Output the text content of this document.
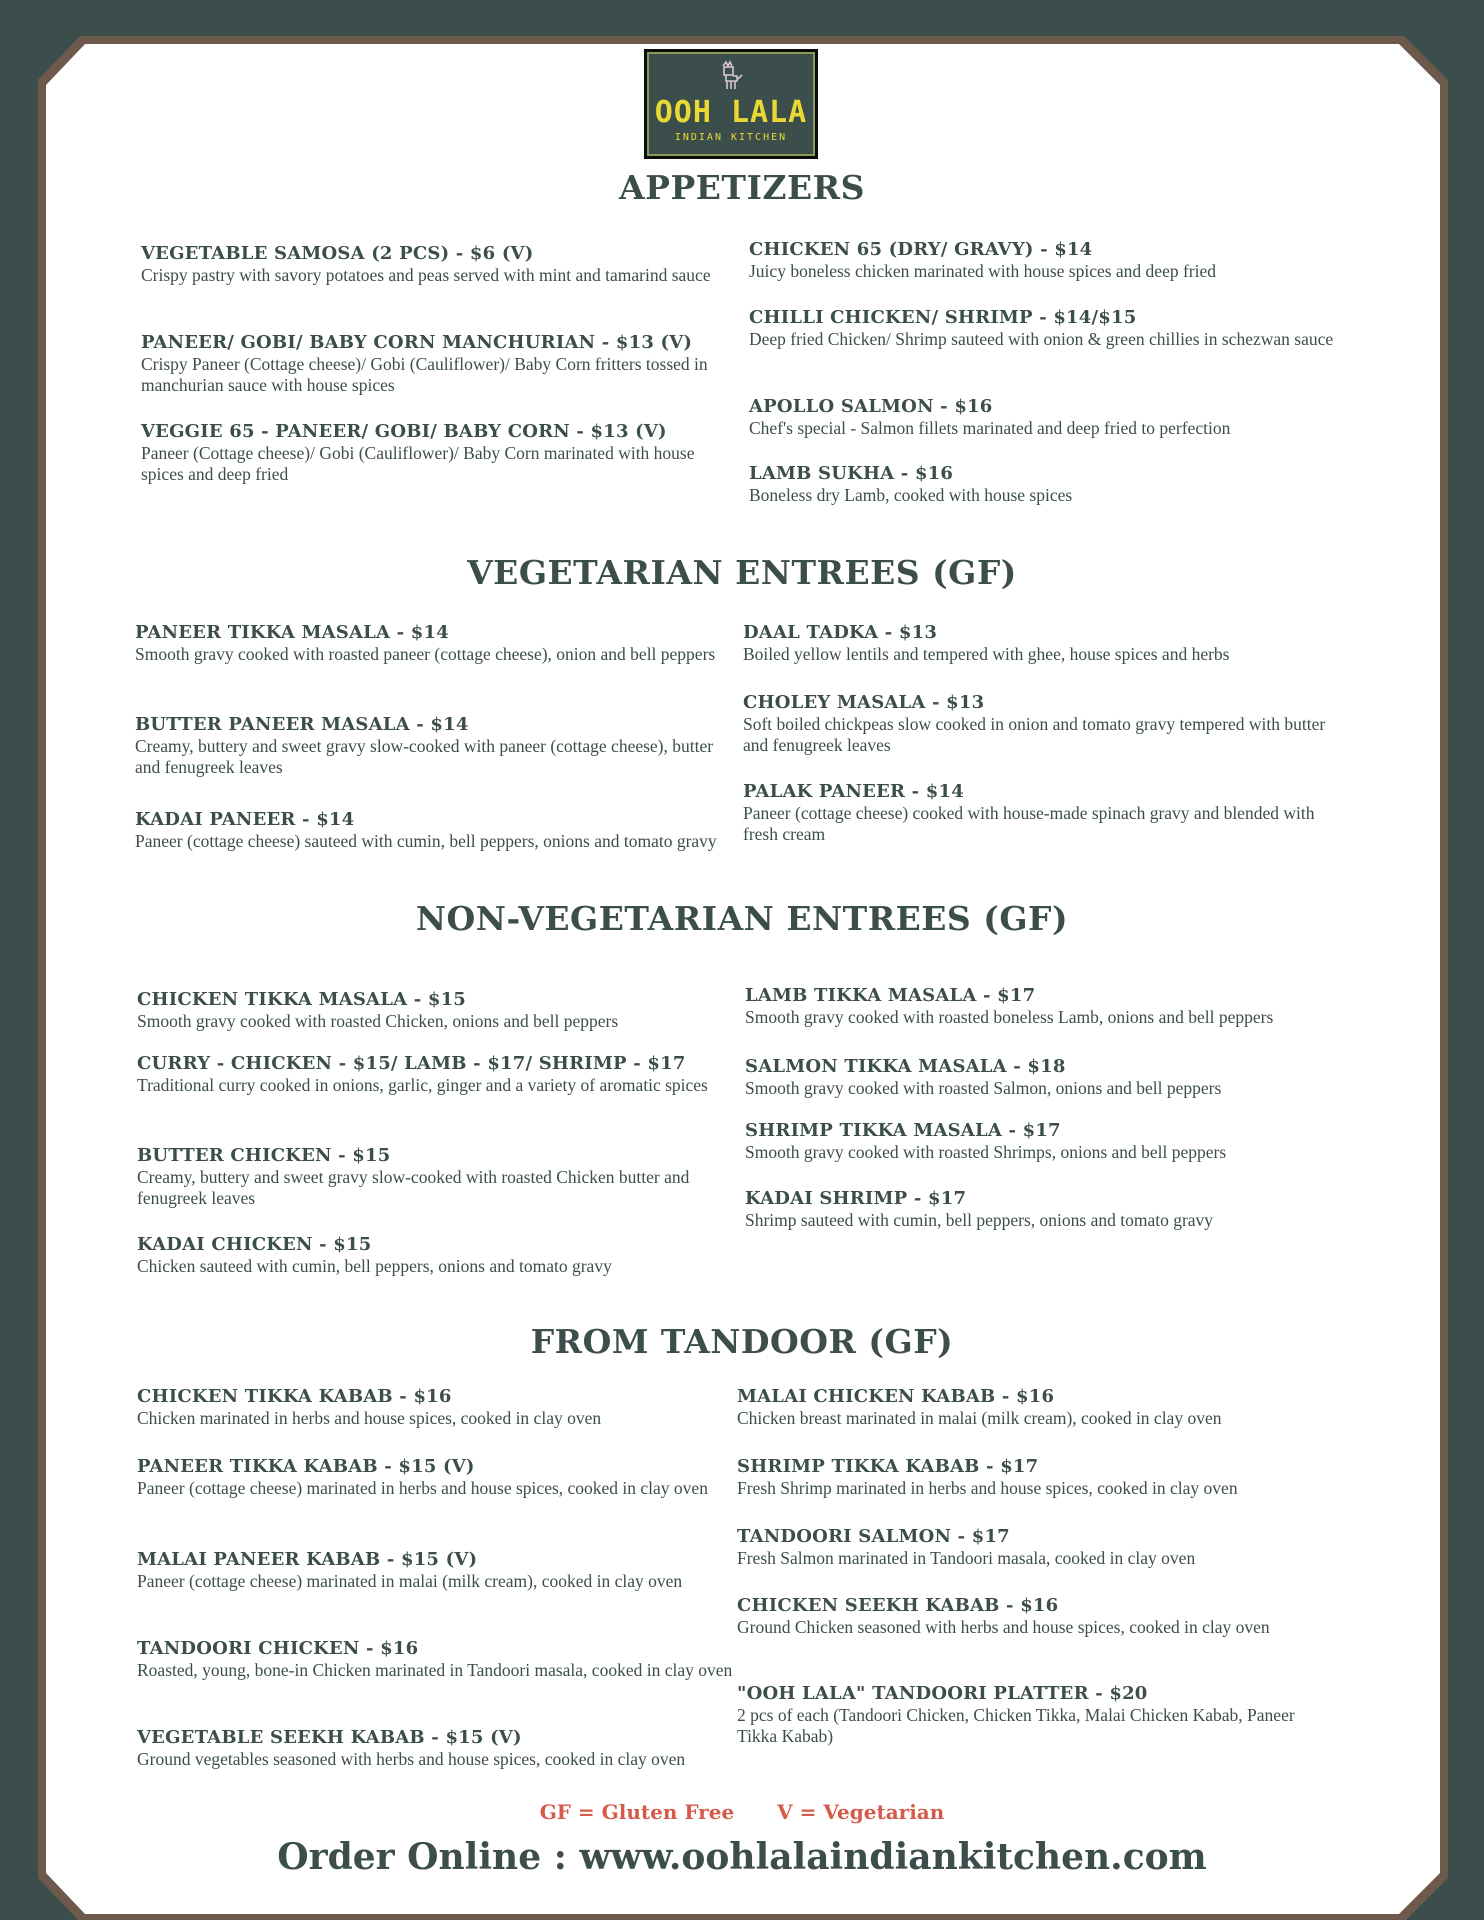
OOH LALA
INDIAN KITCHEN
APPETIZERS
VEGETABLE SAMOSA (2 PCS) - $6 (V)
Crispy pastry with savory potatoes and peas served with mint and tamarind sauce
PANEER/ GOBI/ BABY CORN MANCHURIAN - $13 (V)
Crispy Paneer (Cottage cheese)/ Gobi (Cauliflower)/ Baby Corn fritters tossed in manchurian sauce with house spices
VEGGIE 65 - PANEER/ GOBI/ BABY CORN - $13 (V)
Paneer (Cottage cheese)/ Gobi (Cauliflower)/ Baby Corn marinated with house spices and deep fried
CHICKEN 65 (DRY/ GRAVY) - $14
Juicy boneless chicken marinated with house spices and deep fried
CHILLI CHICKEN/ SHRIMP - $14/$15
Deep fried Chicken/ Shrimp sauteed with onion & green chillies in schezwan sauce
APOLLO SALMON - $16
Chef's special - Salmon fillets marinated and deep fried to perfection
LAMB SUKHA - $16
Boneless dry Lamb, cooked with house spices
VEGETARIAN ENTREES (GF)
PANEER TIKKA MASALA - $14
Smooth gravy cooked with roasted paneer (cottage cheese), onion and bell peppers
BUTTER PANEER MASALA - $14
Creamy, buttery and sweet gravy slow-cooked with paneer (cottage cheese), butter and fenugreek leaves
KADAI PANEER - $14
Paneer (cottage cheese) sauteed with cumin, bell peppers, onions and tomato gravy
DAAL TADKA - $13
Boiled yellow lentils and tempered with ghee, house spices and herbs
CHOLEY MASALA - $13
Soft boiled chickpeas slow cooked in onion and tomato gravy tempered with butter and fenugreek leaves
PALAK PANEER - $14
Paneer (cottage cheese) cooked with house-made spinach gravy and blended with fresh cream
NON-VEGETARIAN ENTREES (GF)
CHICKEN TIKKA MASALA - $15
Smooth gravy cooked with roasted Chicken, onions and bell peppers
CURRY - CHICKEN - $15/ LAMB - $17/ SHRIMP - $17
Traditional curry cooked in onions, garlic, ginger and a variety of aromatic spices
BUTTER CHICKEN - $15
Creamy, buttery and sweet gravy slow-cooked with roasted Chicken butter and fenugreek leaves
KADAI CHICKEN - $15
Chicken sauteed with cumin, bell peppers, onions and tomato gravy
LAMB TIKKA MASALA - $17
Smooth gravy cooked with roasted boneless Lamb, onions and bell peppers
SALMON TIKKA MASALA - $18
Smooth gravy cooked with roasted Salmon, onions and bell peppers
SHRIMP TIKKA MASALA - $17
Smooth gravy cooked with roasted Shrimps, onions and bell peppers
KADAI SHRIMP - $17
Shrimp sauteed with cumin, bell peppers, onions and tomato gravy
FROM TANDOOR (GF)
CHICKEN TIKKA KABAB - $16
Chicken marinated in herbs and house spices, cooked in clay oven
PANEER TIKKA KABAB - $15 (V)
Paneer (cottage cheese) marinated in herbs and house spices, cooked in clay oven
MALAI PANEER KABAB - $15 (V)
Paneer (cottage cheese) marinated in malai (milk cream), cooked in clay oven
TANDOORI CHICKEN - $16
Roasted, young, bone-in Chicken marinated in Tandoori masala, cooked in clay oven
VEGETABLE SEEKH KABAB - $15 (V)
Ground vegetables seasoned with herbs and house spices, cooked in clay oven
MALAI CHICKEN KABAB - $16
Chicken breast marinated in malai (milk cream), cooked in clay oven
SHRIMP TIKKA KABAB - $17
Fresh Shrimp marinated in herbs and house spices, cooked in clay oven
TANDOORI SALMON - $17
Fresh Salmon marinated in Tandoori masala, cooked in clay oven
CHICKEN SEEKH KABAB - $16
Ground Chicken seasoned with herbs and house spices, cooked in clay oven
"OOH LALA" TANDOORI PLATTER - $20
2 pcs of each (Tandoori Chicken, Chicken Tikka, Malai Chicken Kabab, Paneer Tikka Kabab)
GF = Gluten Free V = Vegetarian
Order Online : www.oohlalaindiankitchen.com
